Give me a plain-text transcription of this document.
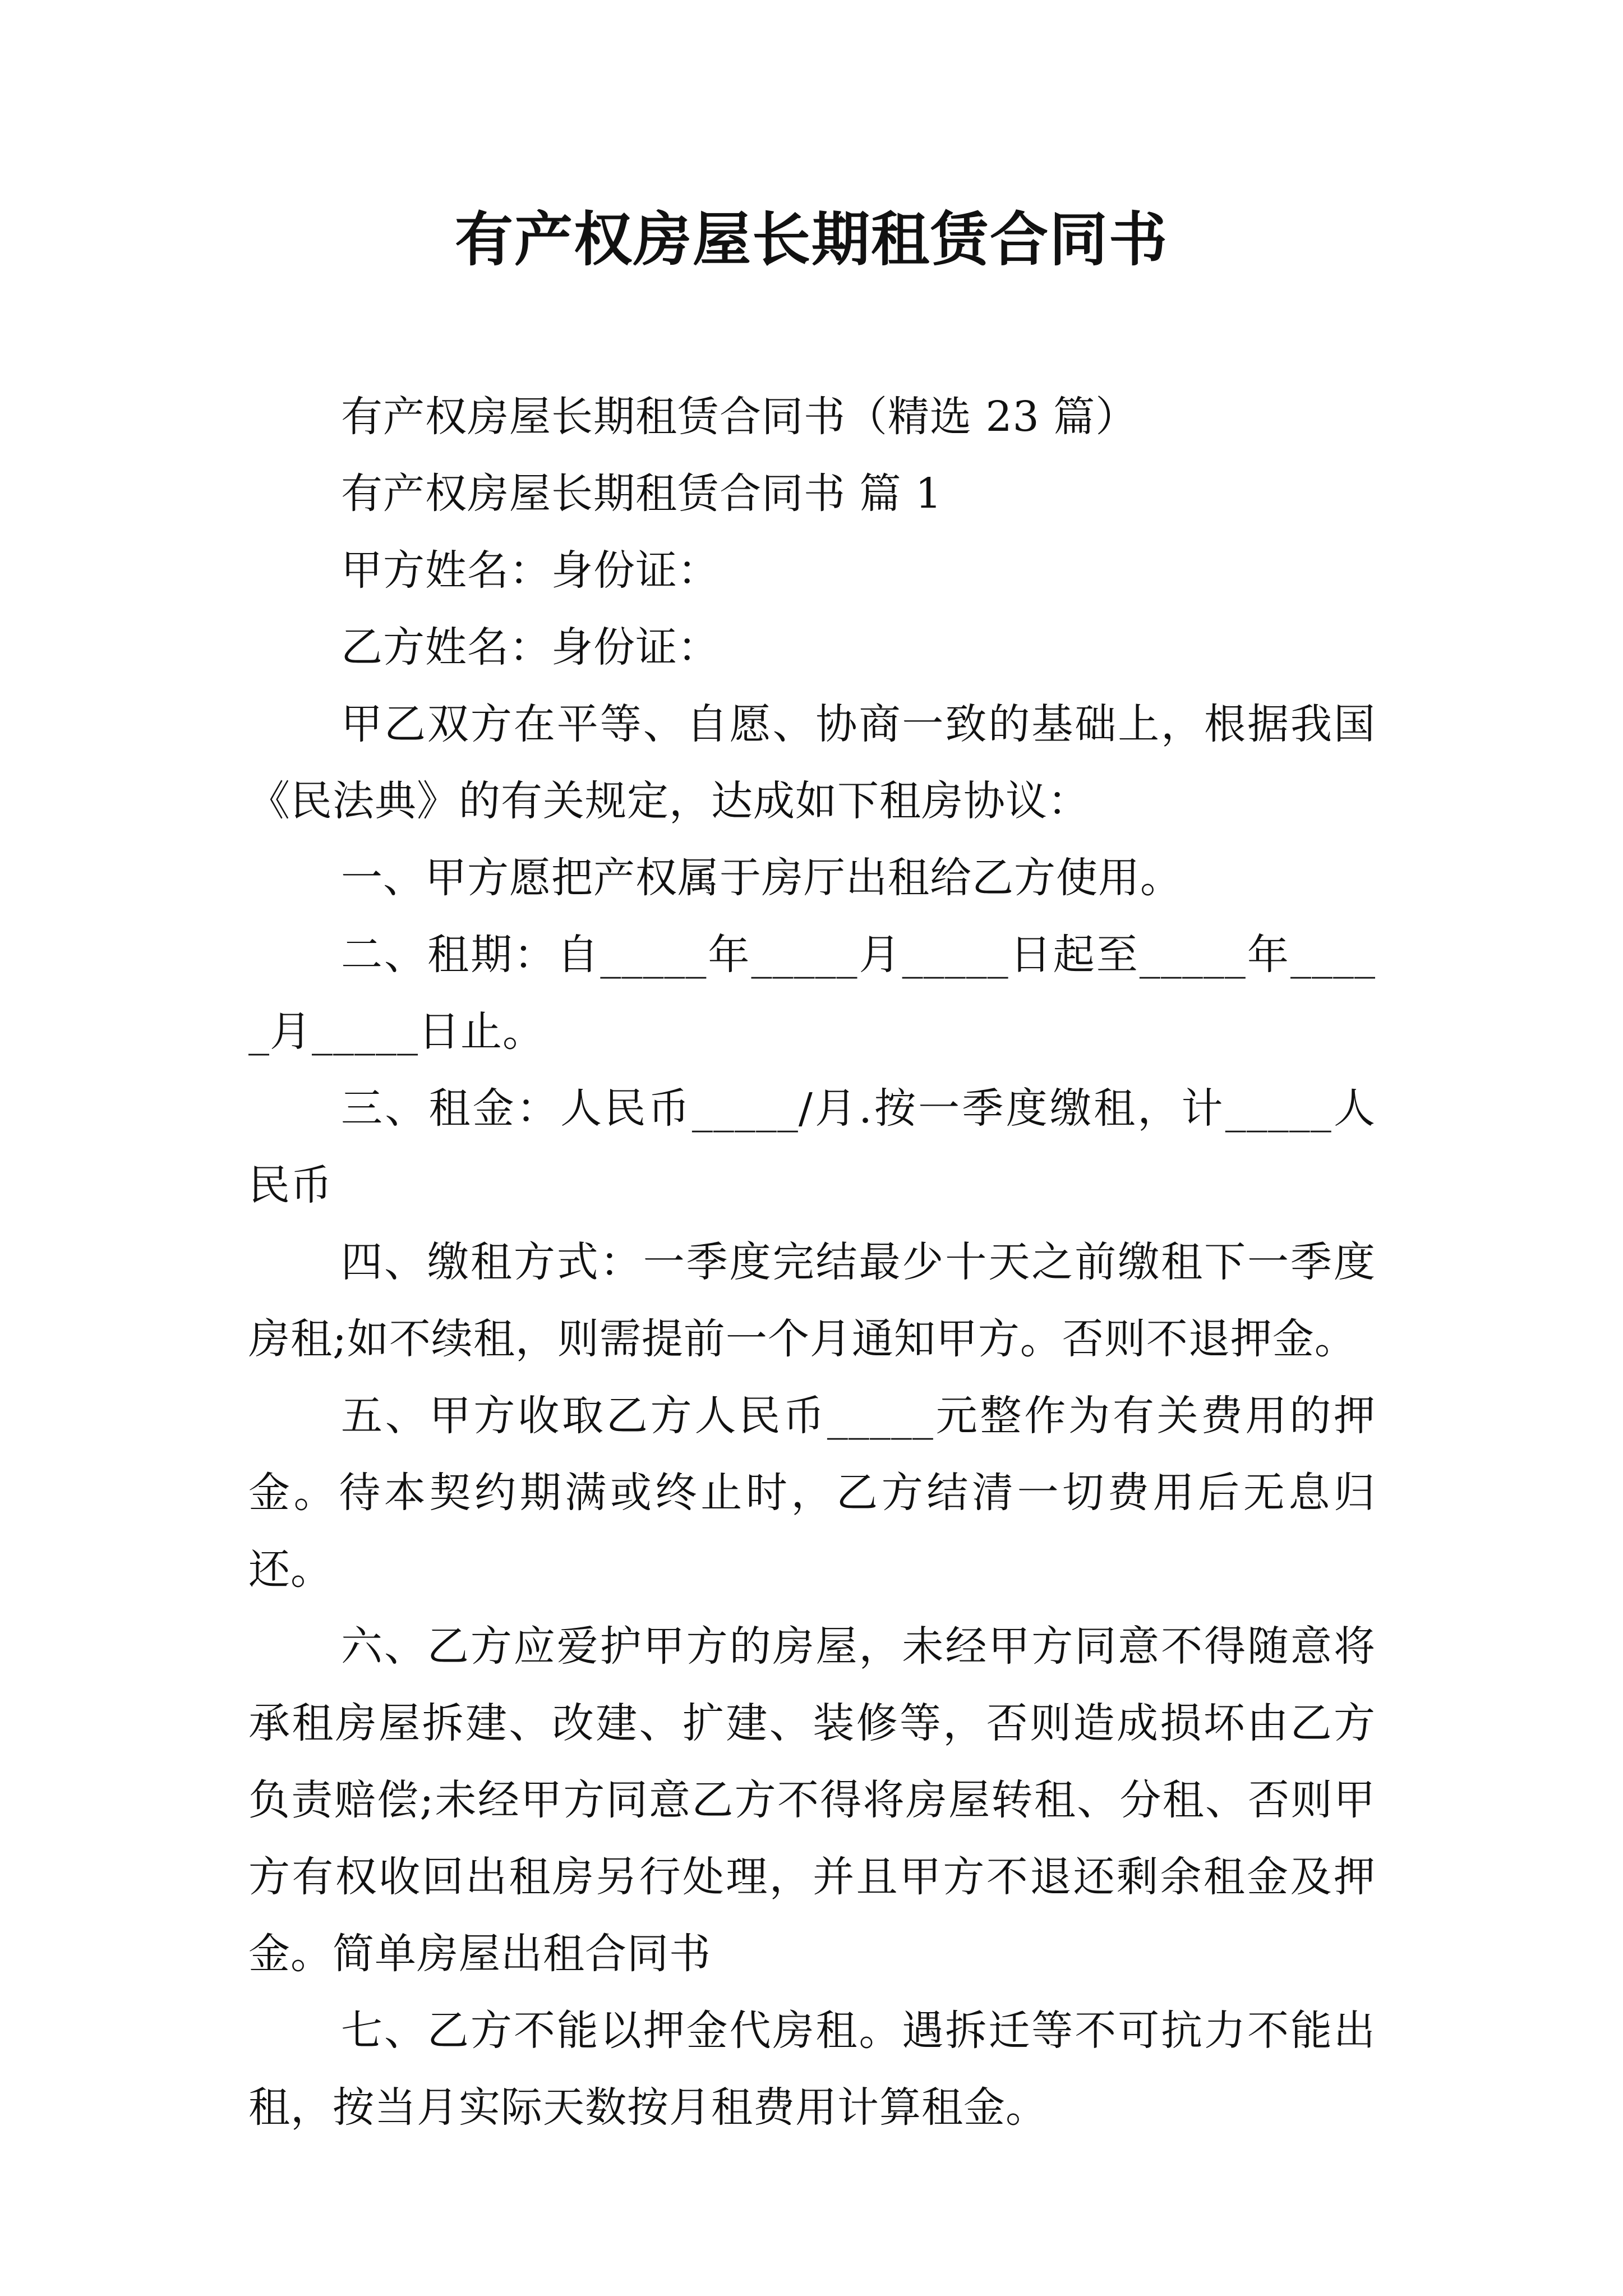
有产权房屋长期租赁合同书

有产权房屋长期租赁合同书（精选 23 篇）

有产权房屋长期租赁合同书 篇 1

甲方姓名：身份证：

乙方姓名：身份证：

甲乙双方在平等、自愿、协商一致的基础上，根据我国《民法典》的有关规定，达成如下租房协议：

一、甲方愿把产权属于房厅出租给乙方使用。

二、租期：自_____年_____月_____日起至_____年_____月_____日止。

三、租金：人民币_____/月.按一季度缴租，计_____人民币

四、缴租方式：一季度完结最少十天之前缴租下一季度房租;如不续租，则需提前一个月通知甲方。否则不退押金。

五、甲方收取乙方人民币_____元整作为有关费用的押金。待本契约期满或终止时，乙方结清一切费用后无息归还。

六、乙方应爱护甲方的房屋，未经甲方同意不得随意将承租房屋拆建、改建、扩建、装修等，否则造成损坏由乙方负责赔偿;未经甲方同意乙方不得将房屋转租、分租、否则甲方有权收回出租房另行处理，并且甲方不退还剩余租金及押金。简单房屋出租合同书

七、乙方不能以押金代房租。遇拆迁等不可抗力不能出租，按当月实际天数按月租费用计算租金。
